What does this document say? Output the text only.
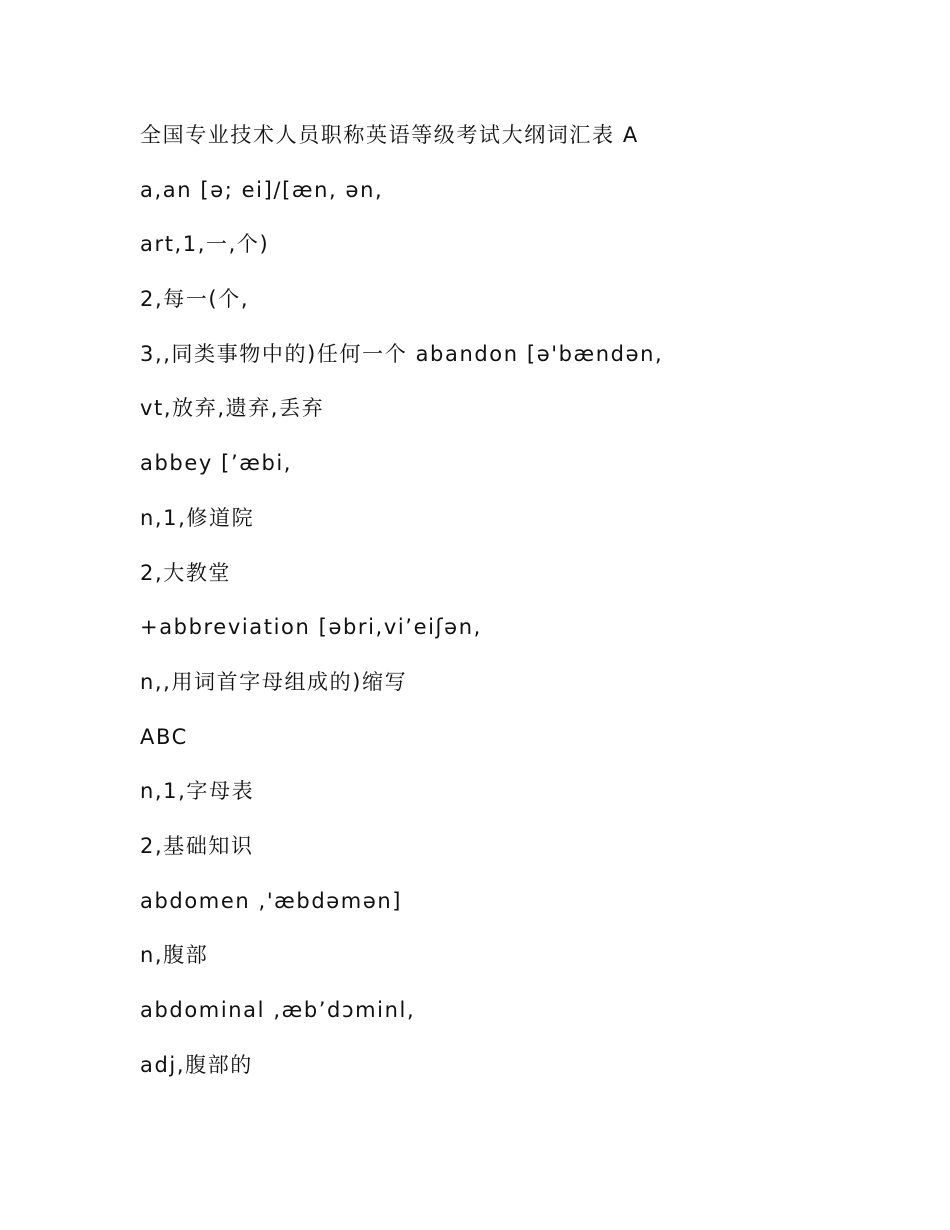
全国专业技术人员职称英语等级考试大纲词汇表 A
a,an [ə; ei]/[æn, ən,
art,1,一,个)
2,每一(个,
3,,同类事物中的)任何一个 abandon [ə'bændən,
vt,放弃,遗弃,丢弃
abbey [’æbi,
n,1,修道院
2,大教堂
+abbreviation [əbri,vi’eiʃən,
n,,用词首字母组成的)缩写
ABC
n,1,字母表
2,基础知识
abdomen ,'æbdəmən]
n,腹部
abdominal ,æb’dɔminl,
adj,腹部的
